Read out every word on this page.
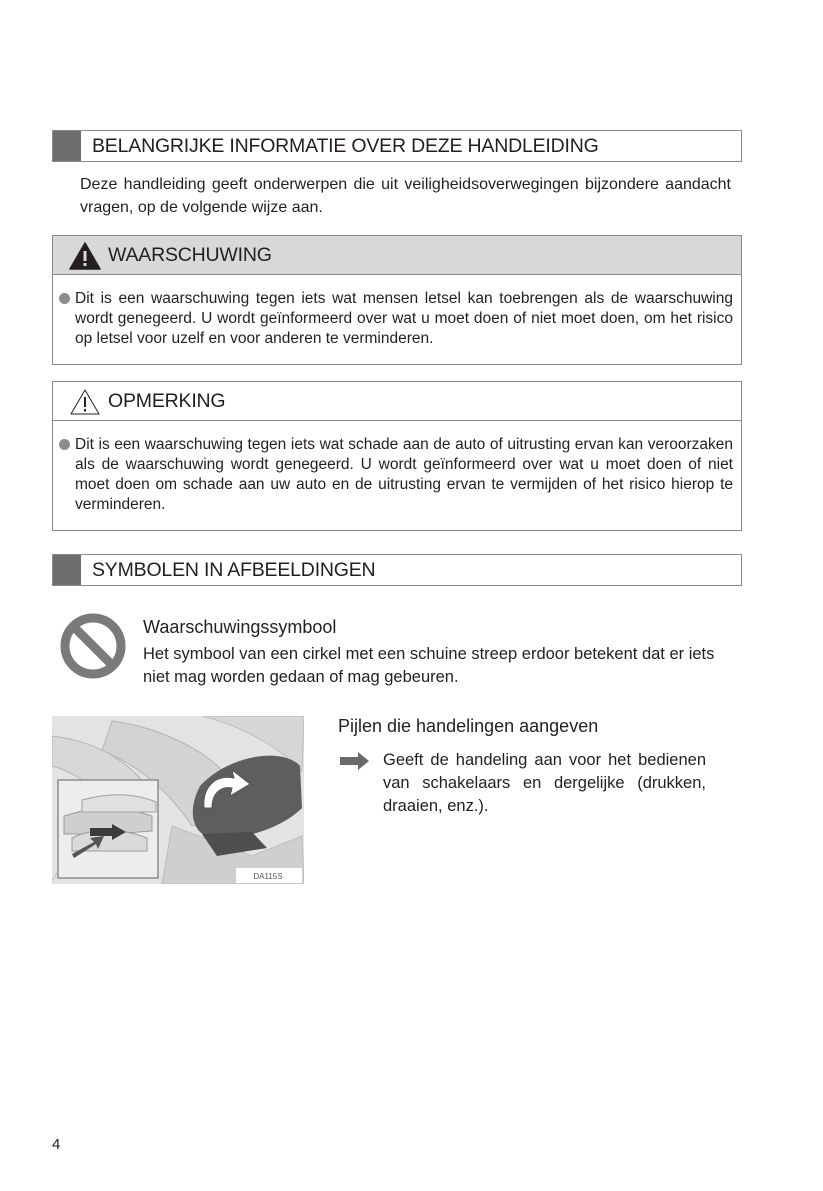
BELANGRIJKE INFORMATIE OVER DEZE HANDLEIDING

Deze handleiding geeft onderwerpen die uit veiligheidsoverwegingen bijzondere aandacht vragen, op de volgende wijze aan.

WAARSCHUWING
Dit is een waarschuwing tegen iets wat mensen letsel kan toebrengen als de waarschuwing wordt genegeerd. U wordt geïnformeerd over wat u moet doen of niet moet doen, om het risico op letsel voor uzelf en voor anderen te verminderen.
OPMERKING
Dit is een waarschuwing tegen iets wat schade aan de auto of uitrusting ervan kan veroorzaken als de waarschuwing wordt genegeerd. U wordt geïnformeerd over wat u moet doen of niet moet doen om schade aan uw auto en de uitrusting ervan te vermijden of het risico hierop te verminderen.
SYMBOLEN IN AFBEELDINGEN

Waarschuwingssymbool

Het symbool van een cirkel met een schuine streep erdoor betekent dat er iets niet mag worden gedaan of mag gebeuren.

DA115S

Pijlen die handelingen aangeven

Geeft de handeling aan voor het bedienen van schakelaars en dergelijke (drukken, draaien, enz.).

4
